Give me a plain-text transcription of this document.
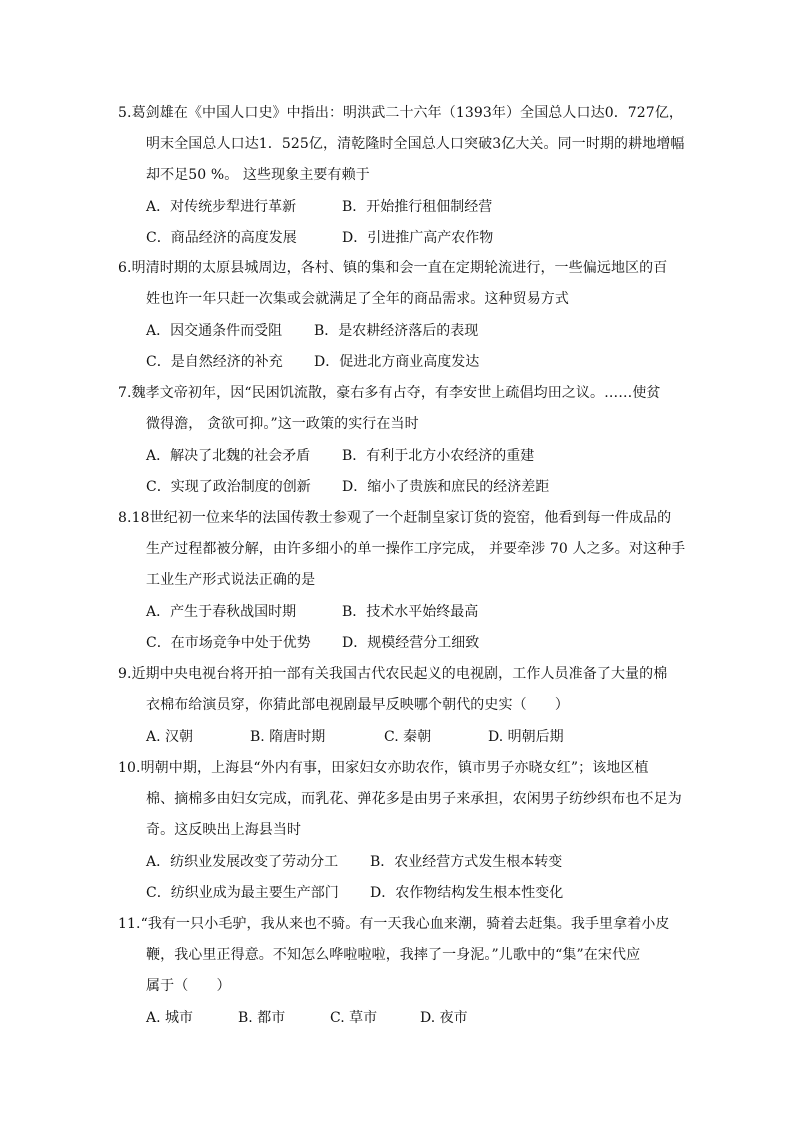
5.葛剑雄在《中国人口史》中指出：明洪武二十六年（1393年）全国总人口达0．727亿，
明末全国总人口达1．525亿，清乾隆时全国总人口突破3亿大关。同一时期的耕地增幅
却不足50 %。 这些现象主要有赖于
A．对传统步犁进行革新	B．开始推行租佃制经营
C．商品经济的高度发展	D．引进推广高产农作物
6.明清时期的太原县城周边，各村、镇的集和会一直在定期轮流进行，一些偏远地区的百
姓也许一年只赶一次集或会就满足了全年的商品需求。这种贸易方式
A．因交通条件而受阻 B．是农耕经济落后的表现
C．是自然经济的补充 D．促进北方商业高度发达
7.魏孝文帝初年，因“民困饥流散，豪右多有占夺，有李安世上疏倡均田之议。……使贫
微得澹， 贪欲可抑。”这一政策的实行在当时
A．解决了北魏的社会矛盾 B．有利于北方小农经济的重建
C．实现了政治制度的创新 D．缩小了贵族和庶民的经济差距
8.18世纪初一位来华的法国传教士参观了一个赶制皇家订货的瓷窑，他看到每一件成品的
生产过程都被分解，由许多细小的单一操作工序完成， 并要牵涉 70 人之多。对这种手
工业生产形式说法正确的是
A．产生于春秋战国时期	B．技术水平始终最高
C．在市场竞争中处于优势 D．规模经营分工细致
9.近期中央电视台将开拍一部有关我国古代农民起义的电视剧，工作人员准备了大量的棉
衣棉布给演员穿，你猜此部电视剧最早反映哪个朝代的史实（　　）
A. 汉朝	B. 隋唐时期	C. 秦朝	D. 明朝后期
10.明朝中期，上海县“外内有事，田家妇女亦助农作，镇市男子亦晓女红”；该地区植
棉、摘棉多由妇女完成，而乳花、弹花多是由男子来承担，农闲男子纺纱织布也不足为
奇。这反映出上海县当时
A．纺织业发展改变了劳动分工 B．农业经营方式发生根本转变
C．纺织业成为最主要生产部门 D．农作物结构发生根本性变化
11.“我有一只小毛驴，我从来也不骑。有一天我心血来潮，骑着去赶集。我手里拿着小皮
鞭，我心里正得意。不知怎么哗啦啦啦，我摔了一身泥。”儿歌中的“集”在宋代应
属于（　　）
A. 城市	B. 都市	C. 草市	D. 夜市
